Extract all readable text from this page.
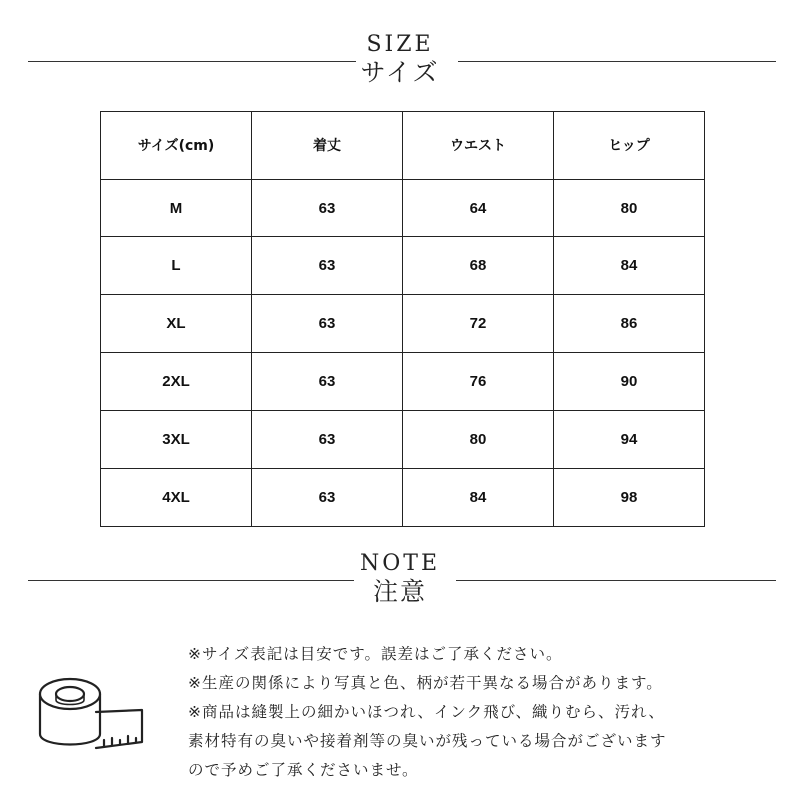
SIZE
サイズ
サイズ(cm)	着丈	ウエスト	ヒップ
M	63	64	80
L	63	68	84
XL	63	72	86
2XL	63	76	90
3XL	63	80	94
4XL	63	84	98
NOTE
注意
※サイズ表記は目安です。誤差はご了承ください。
※生産の関係により写真と色、柄が若干異なる場合があります。
※商品は縫製上の細かいほつれ、インク飛び、織りむら、汚れ、
素材特有の臭いや接着剤等の臭いが残っている場合がございます
ので予めご了承くださいませ。
